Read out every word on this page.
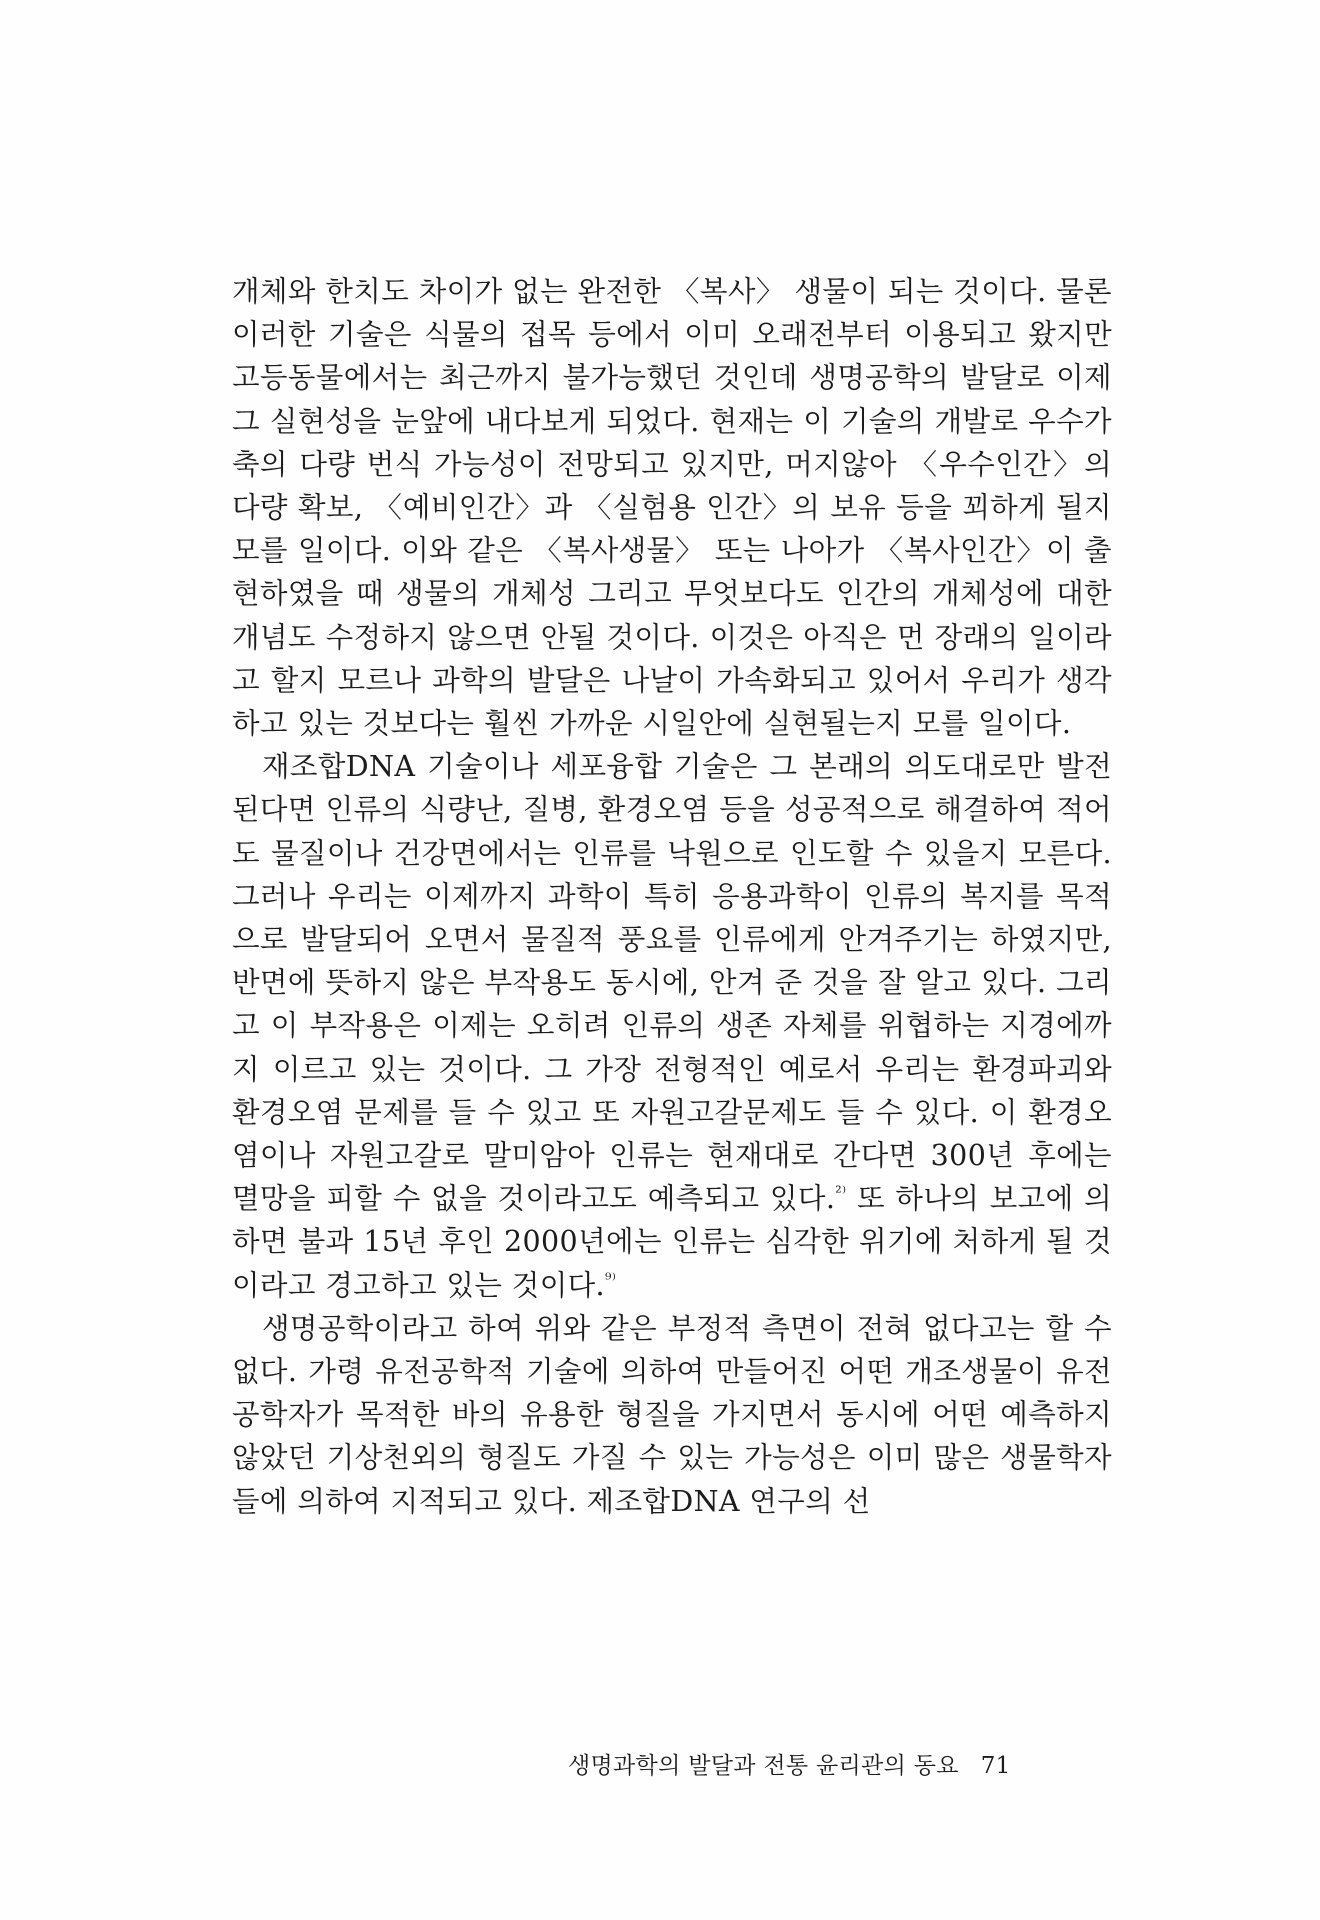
개체와 한치도 차이가 없는 완전한 〈복사〉 생물이 되는 것이다. 물론 이러한 기술은 식물의 접목 등에서 이미 오래전부터 이용되고 왔지만 고등동물에서는 최근까지 불가능했던 것인데 생명공학의 발달로 이제 그 실현성을 눈앞에 내다보게 되었다. 현재는 이 기술의 개발로 우수가축의 다량 번식 가능성이 전망되고 있지만, 머지않아 〈우수인간〉의 다량 확보, 〈예비인간〉과 〈실험용 인간〉의 보유 등을 꾀하게 될지 모를 일이다. 이와 같은 〈복사생물〉 또는 나아가 〈복사인간〉이 출현하였을 때 생물의 개체성 그리고 무엇보다도 인간의 개체성에 대한 개념도 수정하지 않으면 안될 것이다. 이것은 아직은 먼 장래의 일이라고 할지 모르나 과학의 발달은 나날이 가속화되고 있어서 우리가 생각하고 있는 것보다는 훨씬 가까운 시일안에 실현될는지 모를 일이다.

재조합DNA 기술이나 세포융합 기술은 그 본래의 의도대로만 발전된다면 인류의 식량난, 질병, 환경오염 등을 성공적으로 해결하여 적어도 물질이나 건강면에서는 인류를 낙원으로 인도할 수 있을지 모른다. 그러나 우리는 이제까지 과학이 특히 응용과학이 인류의 복지를 목적으로 발달되어 오면서 물질적 풍요를 인류에게 안겨주기는 하였지만, 반면에 뜻하지 않은 부작용도 동시에, 안겨 준 것을 잘 알고 있다. 그리고 이 부작용은 이제는 오히려 인류의 생존 자체를 위협하는 지경에까지 이르고 있는 것이다. 그 가장 전형적인 예로서 우리는 환경파괴와 환경오염 문제를 들 수 있고 또 자원고갈문제도 들 수 있다. 이 환경오염이나 자원고갈로 말미암아 인류는 현재대로 간다면 300년 후에는 멸망을 피할 수 없을 것이라고도 예측되고 있다.$^{^{2)}}$ 또 하나의 보고에 의하면 불과 15년 후인 2000년에는 인류는 심각한 위기에 처하게 될 것이라고 경고하고 있는 것이다.$^{^{9)}}$

생명공학이라고 하여 위와 같은 부정적 측면이 전혀 없다고는 할 수 없다. 가령 유전공학적 기술에 의하여 만들어진 어떤 개조생물이 유전공학자가 목적한 바의 유용한 형질을 가지면서 동시에 어떤 예측하지 않았던 기상천외의 형질도 가질 수 있는 가능성은 이미 많은 생물학자들에 의하여 지적되고 있다. 제조합DNA 연구의 선

생명과학의 발달과 전통 윤리관의 동요 71
